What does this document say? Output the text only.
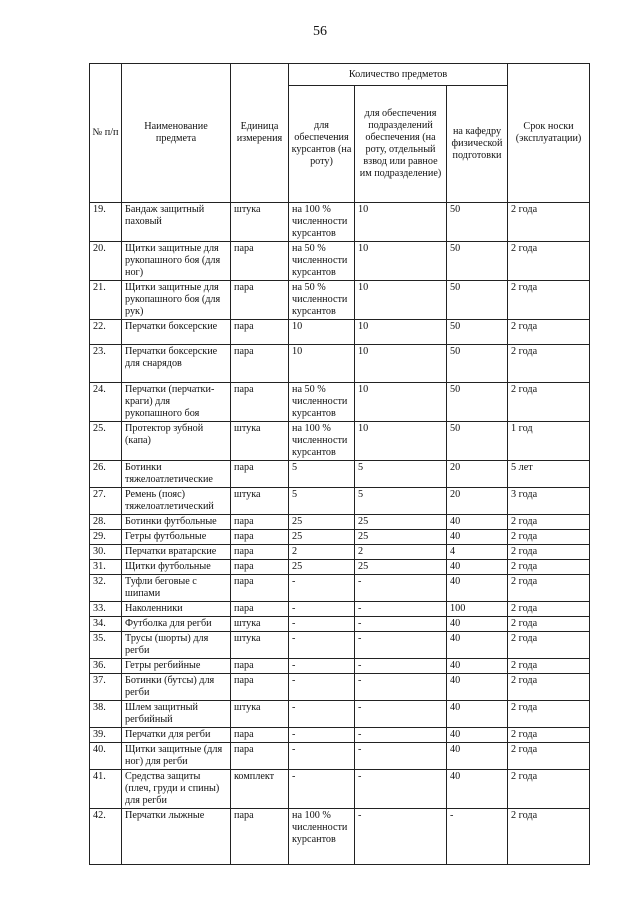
56
№ п/п	Наименование предмета	Единица измерения	Количество предметов			Срок носки (эксплуатации)
			для обеспечения курсантов (на роту)	для обеспечения подразделений обеспечения (на роту, отдельный взвод или равное им подразделение)	на кафедру физической подготовки	
19.	Бандаж защитный паховый	штука	на 100 % численности курсантов	10	50	2 года
20.	Щитки защитные для рукопашного боя (для ног)	пара	на 50 % численности курсантов	10	50	2 года
21.	Щитки защитные для рукопашного боя (для рук)	пара	на 50 % численности курсантов	10	50	2 года
22.	Перчатки боксерские	пара	10	10	50	2 года
23.	Перчатки боксерские для снарядов	пара	10	10	50	2 года
24.	Перчатки (перчатки-краги) для рукопашного боя	пара	на 50 % численности курсантов	10	50	2 года
25.	Протектор зубной (капа)	штука	на 100 % численности курсантов	10	50	1 год
26.	Ботинки тяжелоатлетические	пара	5	5	20	5 лет
27.	Ремень (пояс) тяжелоатлетический	штука	5	5	20	3 года
28.	Ботинки футбольные	пара	25	25	40	2 года
29.	Гетры футбольные	пара	25	25	40	2 года
30.	Перчатки вратарские	пара	2	2	4	2 года
31.	Щитки футбольные	пара	25	25	40	2 года
32.	Туфли беговые с шипами	пара	-	-	40	2 года
33.	Наколенники	пара	-	-	100	2 года
34.	Футболка для регби	штука	-	-	40	2 года
35.	Трусы (шорты) для регби	штука	-	-	40	2 года
36.	Гетры регбийные	пара	-	-	40	2 года
37.	Ботинки (бутсы) для регби	пара	-	-	40	2 года
38.	Шлем защитный регбийный	штука	-	-	40	2 года
39.	Перчатки для регби	пара	-	-	40	2 года
40.	Щитки защитные (для ног) для регби	пара	-	-	40	2 года
41.	Средства защиты (плеч, груди и спины) для регби	комплект	-	-	40	2 года
42.	Перчатки лыжные	пара	на 100 % численности курсантов	-	-	2 года
